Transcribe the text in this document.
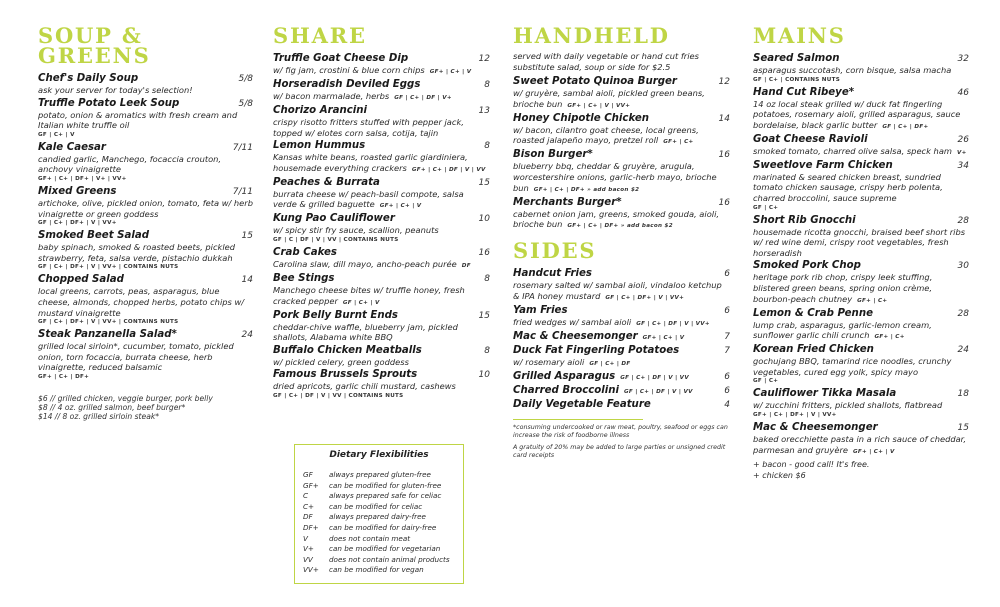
SOUP & GREENS
Chef's Daily Soup	5/8
ask your server for today's selection!
Truffle Potato Leek Soup	5/8
potato, onion & aromatics with fresh cream and Italian white truffle oil
GF | C+ | V
Kale Caesar	7/11
candied garlic, Manchego, focaccia crouton, anchovy vinaigrette
GF+ | C+ | DF+ | V+ | VV+
Mixed Greens	7/11
artichoke, olive, pickled onion, tomato, feta w/ herb vinaigrette or green goddess
GF | C+ | DF+ | V | VV+
Smoked Beet Salad	15
baby spinach, smoked & roasted beets, pickled strawberry, feta, salsa verde, pistachio dukkah
GF | C+ | DF+ | V | VV+ | CONTAINS NUTS
Chopped Salad	14
local greens, carrots, peas, asparagus, blue cheese, almonds, chopped herbs, potato chips w/ mustard vinaigrette
GF | C+ | DF+ | V | VV+ | CONTAINS NUTS
Steak Panzanella Salad*	24
grilled local sirloin*, cucumber, tomato, pickled onion, torn focaccia, burrata cheese, herb vinaigrette, reduced balsamic
GF+ | C+ | DF+
$6 // grilled chicken, veggie burger, pork belly
$8 // 4 oz. grilled salmon, beef burger*
$14 // 8 oz. grilled sirloin steak*
SHARE
Truffle Goat Cheese Dip	12
w/ fig jam, crostini & blue corn chips GF+ | C+ | V
Horseradish Deviled Eggs	8
w/ bacon marmalade, herbs GF | C+ | DF | V+
Chorizo Arancini	13
crispy risotto fritters stuffed with pepper jack, topped w/ elotes corn salsa, cotija, tajin
Lemon Hummus	8
Kansas white beans, roasted garlic giardiniera, housemade everything crackers GF+ | C+ | DF | V | VV
Peaches & Burrata	15
burrata cheese w/ peach-basil compote, salsa verde & grilled baguette GF+ | C+ | V
Kung Pao Cauliflower	10
w/ spicy stir fry sauce, scallion, peanuts
GF | C | DF | V | VV | CONTAINS NUTS
Crab Cakes	16
Carolina slaw, dill mayo, ancho-peach purée DF
Bee Stings	8
Manchego cheese bites w/ truffle honey, fresh cracked pepper GF | C+ | V
Pork Belly Burnt Ends	15
cheddar-chive waffle, blueberry jam, pickled shallots, Alabama white BBQ
Buffalo Chicken Meatballs	8
w/ pickled celery, green goddess
Famous Brussels Sprouts	10
dried apricots, garlic chili mustard, cashews
GF | C+ | DF | V | VV | CONTAINS NUTS
Dietary Flexibilities
GF always prepared gluten-free
GF+ can be modified for gluten-free
C	always prepared safe for celiac
C+ can be modified for celiac
DF always prepared dairy-free
DF+ can be modified for dairy-free
V	does not contain meat
V+ can be modified for vegetarian
VV does not contain animal products
VV+ can be modified for vegan
HANDHELD
served with daily vegetable or hand cut fries substitute salad, soup or side for $2.5
Sweet Potato Quinoa Burger	12
w/ gruyère, sambal aioli, pickled green beans, brioche bun GF+ | C+ | V | VV+
Honey Chipotle Chicken	14
w/ bacon, cilantro goat cheese, local greens, roasted jalapeño mayo, pretzel roll GF+ | C+
Bison Burger*	16
blueberry bbq, cheddar & gruyère, arugula, worcestershire onions, garlic-herb mayo, brioche bun GF+ | C+ | DF+ » add bacon $2
Merchants Burger*	16
cabernet onion jam, greens, smoked gouda, aioli, brioche bun GF+ | C+ | DF+ » add bacon $2
SIDES
Handcut Fries	6
rosemary salted w/ sambal aioli, vindaloo ketchup & IPA honey mustard GF | C+ | DF+ | V | VV+
Yam Fries	6
fried wedges w/ sambal aioli GF | C+ | DF | V | VV+
Mac & Cheesemonger GF+ | C+ | V	7
Duck Fat Fingerling Potatoes	7
w/ rosemary aioli GF | C+ | DF
Grilled Asparagus GF | C+ | DF | V | VV	6
Charred Broccolini GF | C+ | DF | V | VV	6
Daily Vegetable Feature	4
*consuming undercooked or raw meat, poultry, seafood or eggs can increase the risk of foodborne illness
A gratuity of 20% may be added to large parties or unsigned credit card receipts
MAINS
Seared Salmon	32
asparagus succotash, corn bisque, salsa macha
GF | C+ | CONTAINS NUTS
Hand Cut Ribeye*	46
14 oz local steak grilled w/ duck fat fingerling potatoes, rosemary aioli, grilled asparagus, sauce bordelaise, black garlic butter GF | C+ | DF+
Goat Cheese Ravioli	26
smoked tomato, charred olive salsa, speck ham V+
Sweetlove Farm Chicken	34
marinated & seared chicken breast, sundried tomato chicken sausage, crispy herb polenta, charred broccolini, sauce supreme
GF | C+
Short Rib Gnocchi	28
housemade ricotta gnocchi, braised beef short ribs w/ red wine demi, crispy root vegetables, fresh horseradish
Smoked Pork Chop	30
heritage pork rib chop, crispy leek stuffing, blistered green beans, spring onion crème, bourbon-peach chutney GF+ | C+
Lemon & Crab Penne	28
lump crab, asparagus, garlic-lemon cream, sunflower garlic chili crunch GF+ | C+
Korean Fried Chicken	24
gochujang BBQ, tamarind rice noodles, crunchy vegetables, cured egg yolk, spicy mayo
GF | C+
Cauliflower Tikka Masala	18
w/ zucchini fritters, pickled shallots, flatbread
GF+ | C+ | DF+ | V | VV+
Mac & Cheesemonger	15
baked orecchiette pasta in a rich sauce of cheddar, parmesan and gruyère GF+ | C+ | V
+ bacon - good call! It's free.
+ chicken $6
